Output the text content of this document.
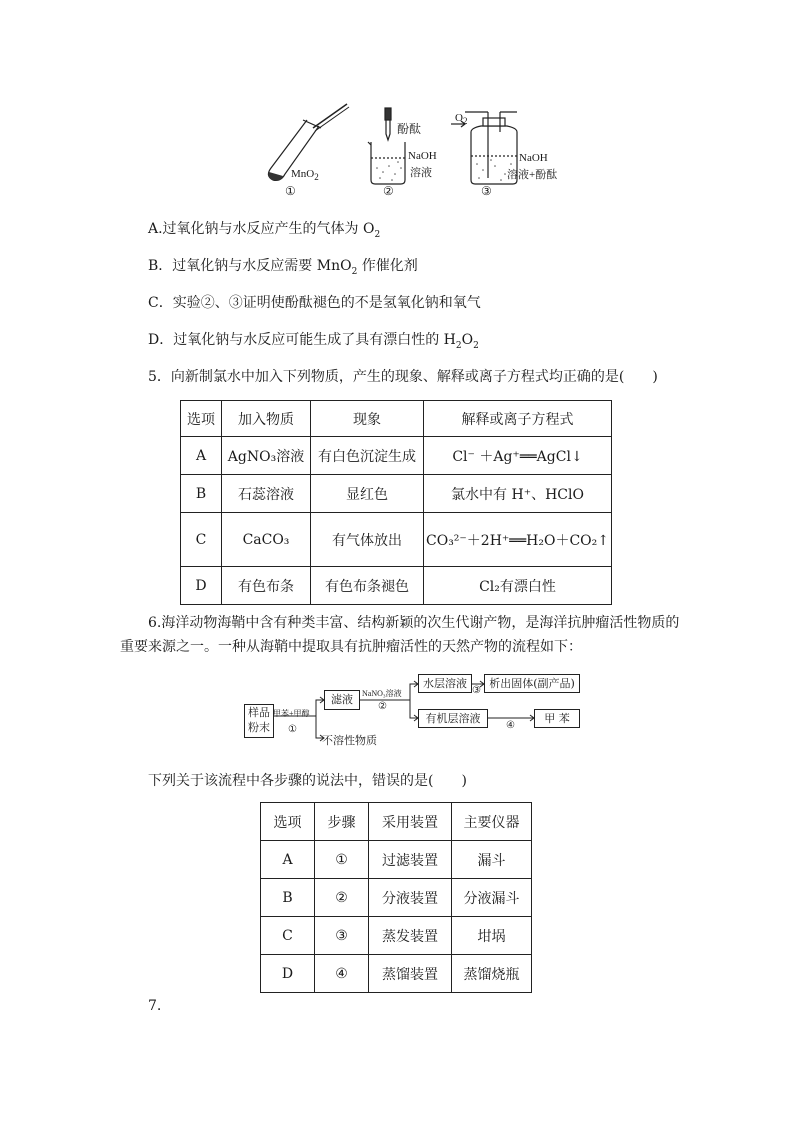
MnO$_2$
①
酚酞
NaOH
溶液
②
$O_2$
NaOH
溶液+酚酞
③
A.过氧化钠与水反应产生的气体为 $O_2$
B．过氧化钠与水反应需要 MnO$_2$ 作催化剂
C．实验②、③证明使酚酞褪色的不是氢氧化钠和氧气
D．过氧化钠与水反应可能生成了具有漂白性的 $H_2O_2$
5．向新制氯水中加入下列物质，产生的现象、解释或离子方程式均正确的是(　　)
选项	加入物质	现象	解释或离子方程式
A	AgNO₃溶液	有白色沉淀生成	Cl⁻ ＋Ag⁺══AgCl↓
B	石蕊溶液	显红色	氯水中有 H⁺、HClO
C	CaCO₃	有气体放出	CO₃²⁻＋2H⁺══H₂O＋CO₂↑
D	有色布条	有色布条褪色	Cl₂有漂白性
6.海洋动物海鞘中含有种类丰富、结构新颖的次生代谢产物，是海洋抗肿瘤活性物质的
重要来源之一。一种从海鞘中提取具有抗肿瘤活性的天然产物的流程如下：
样品
粉末
甲苯+甲醇
①
滤液
不溶性物质
NaNO₃溶液
②
水层溶液
③
析出固体(副产品)
有机层溶液
④
甲 苯
下列关于该流程中各步骤的说法中，错误的是(　　)
选项	步骤	采用装置	主要仪器
A	①	过滤装置	漏斗
B	②	分液装置	分液漏斗
C	③	蒸发装置	坩埚
D	④	蒸馏装置	蒸馏烧瓶
7.
